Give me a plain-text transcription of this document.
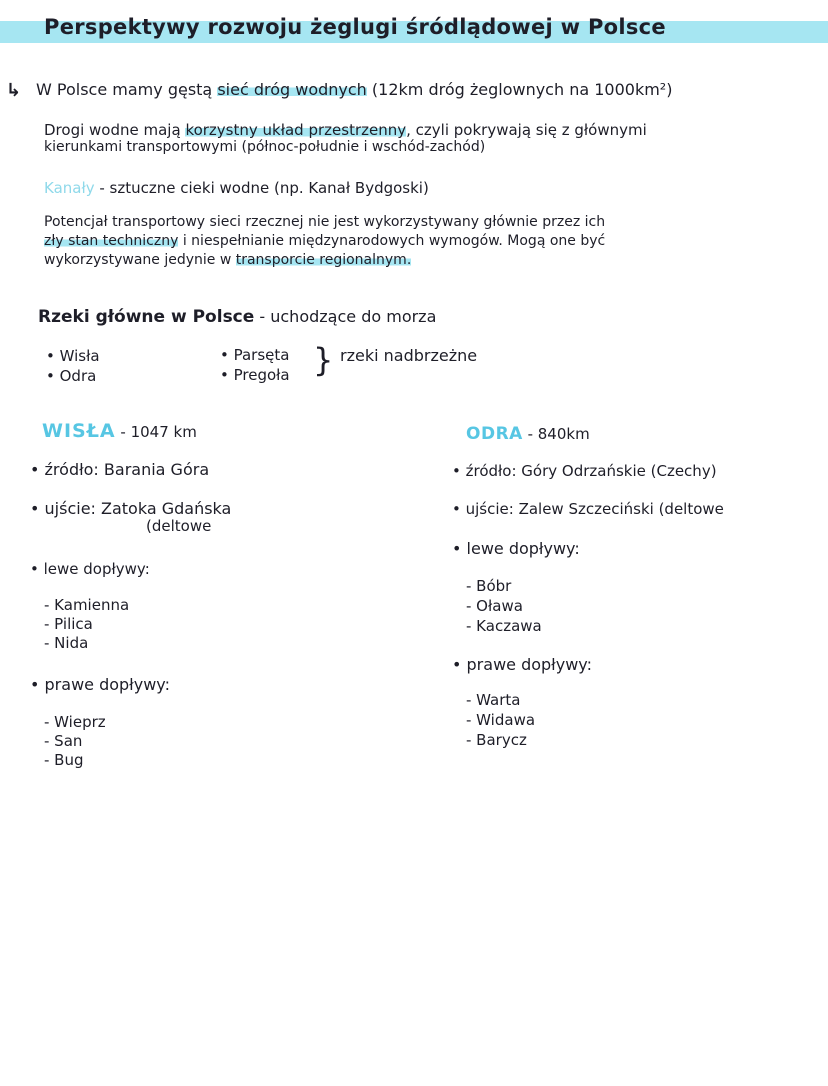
Perspektywy rozwoju żeglugi śródlądowej w Polsce
↳ W Polsce mamy gęstą sieć dróg wodnych (12km dróg żeglownych na 1000km²)
Drogi wodne mają korzystny układ przestrzenny, czyli pokrywają się z głównymi
kierunkami transportowymi (północ-południe i wschód-zachód)
Kanały - sztuczne cieki wodne (np. Kanał Bydgoski)
Potencjał transportowy sieci rzecznej nie jest wykorzystywany głównie przez ich
zły stan techniczny i niespełnianie międzynarodowych wymogów. Mogą one być
wykorzystywane jedynie w transporcie regionalnym.
Rzeki główne w Polsce - uchodzące do morza
• Wisła
• Odra
• Parsęta
• Pregoła } rzeki nadbrzeżne
WISŁA - 1047 km
• źródło: Barania Góra
• ujście: Zatoka Gdańska
(deltowe
• lewe dopływy:
- Kamienna
- Pilica
- Nida
• prawe dopływy:
- Wieprz
- San
- Bug
ODRA - 840km
• źródło: Góry Odrzańskie (Czechy)
• ujście: Zalew Szczeciński (deltowe
• lewe dopływy:
- Bóbr
- Oława
- Kaczawa
• prawe dopływy:
- Warta
- Widawa
- Barycz
